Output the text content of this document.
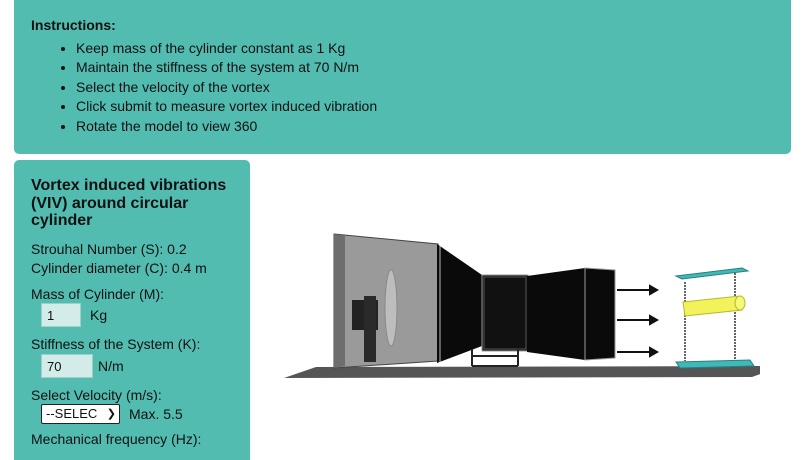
Instructions:
• Keep mass of the cylinder constant as 1 Kg
• Maintain the stiffness of the system at 70 N/m
• Select the velocity of the vortex
• Click submit to measure vortex induced vibration
• Rotate the model to view 360
Vortex induced vibrations (VIV) around circular cylinder
Strouhal Number (S): 0.2
Cylinder diameter (C): 0.4 m
Mass of Cylinder (M):
1
Kg
Stiffness of the System (K):
70
N/m
Select Velocity (m/s):
--SELEC ❯ Max. 5.5
Mechanical frequency (Hz):
